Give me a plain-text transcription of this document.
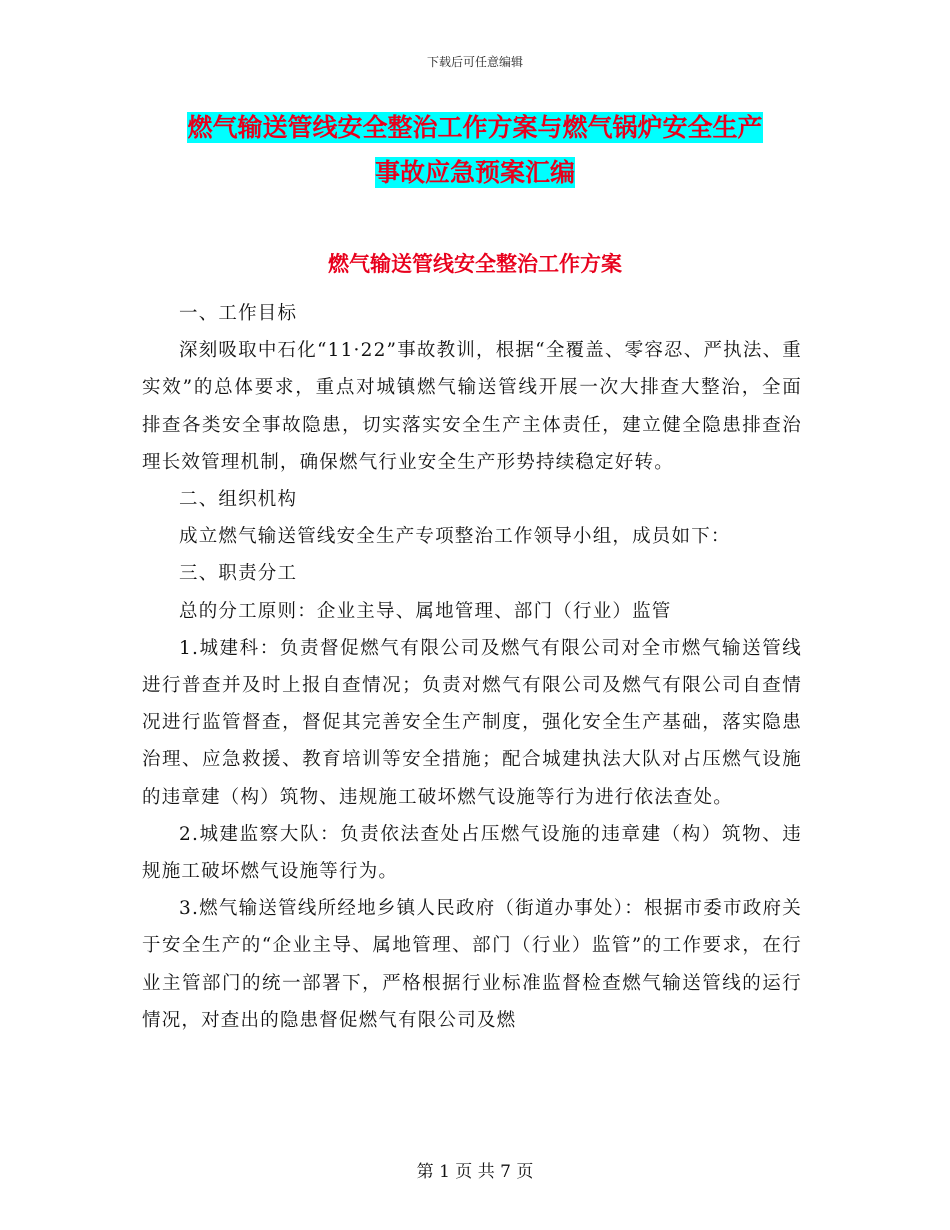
下载后可任意编辑
燃气输送管线安全整治工作方案与燃气锅炉安全生产
事故应急预案汇编
燃气输送管线安全整治工作方案

一、工作目标

深刻吸取中石化“11·22”事故教训，根据“全覆盖、零容忍、严执法、重实效”的总体要求，重点对城镇燃气输送管线开展一次大排查大整治，全面排查各类安全事故隐患，切实落实安全生产主体责任，建立健全隐患排查治理长效管理机制，确保燃气行业安全生产形势持续稳定好转。

二、组织机构

成立燃气输送管线安全生产专项整治工作领导小组，成员如下：

三、职责分工

总的分工原则：企业主导、属地管理、部门（行业）监管

1.城建科：负责督促燃气有限公司及燃气有限公司对全市燃气输送管线进行普查并及时上报自查情况；负责对燃气有限公司及燃气有限公司自查情况进行监管督查，督促其完善安全生产制度，强化安全生产基础，落实隐患治理、应急救援、教育培训等安全措施；配合城建执法大队对占压燃气设施的违章建（构）筑物、违规施工破坏燃气设施等行为进行依法查处。

2.城建监察大队：负责依法查处占压燃气设施的违章建（构）筑物、违规施工破坏燃气设施等行为。

3.燃气输送管线所经地乡镇人民政府（街道办事处）：根据市委市政府关于安全生产的“企业主导、属地管理、部门（行业）监管”的工作要求，在行业主管部门的统一部署下，严格根据行业标准监督检查燃气输送管线的运行情况，对查出的隐患督促燃气有限公司及燃

第 1 页 共 7 页
